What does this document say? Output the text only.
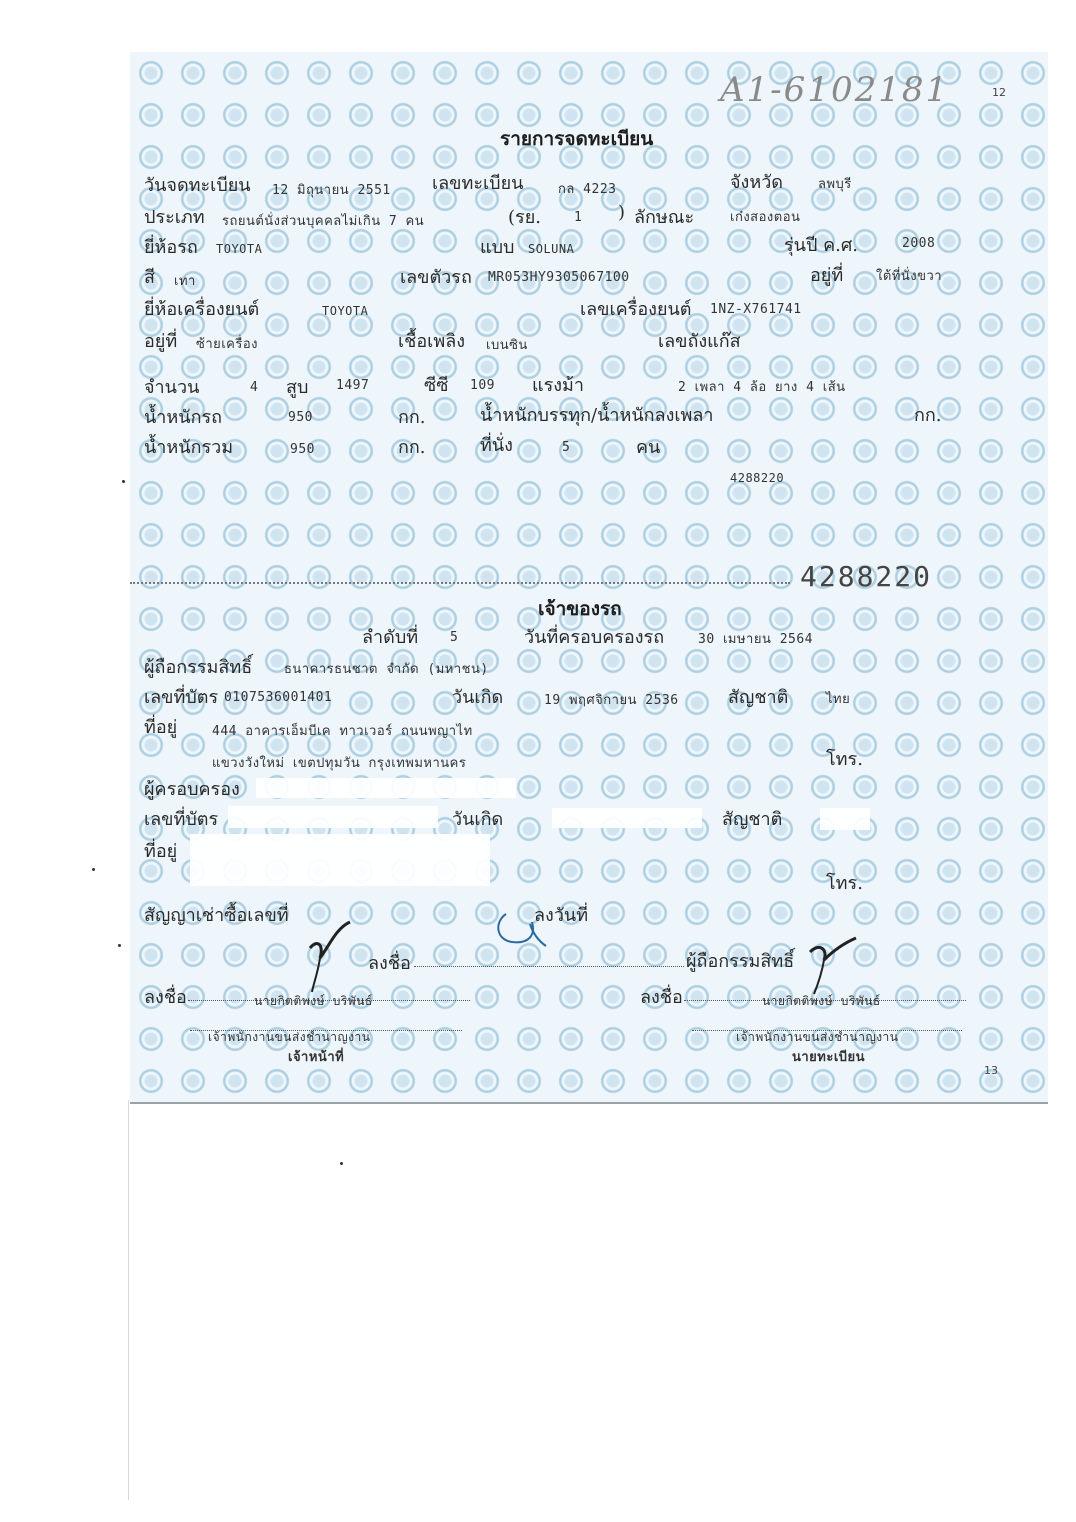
A1-6102181	12
รายการจดทะเบียน
วันจดทะเบียน 12 มิถุนายน 2551 เลขทะเบียน	กล 4223	จังหวัด	ลพบุรี
ประเภท รถยนต์นั่งส่วนบุคคลไม่เกิน 7 คน	(รย.	1 ) ลักษณะ	เก๋งสองตอน
ยี่ห้อรถ TOYOTA	แบบ SOLUNA	รุ่นปี ค.ศ.	2008
สี เทา	เลขตัวรถ MR053HY9305067100	อยู่ที่	ใต้ที่นั่งขวา
ยี่ห้อเครื่องยนต์	TOYOTA	เลขเครื่องยนต์ 1NZ-X761741
อยู่ที่ ซ้ายเครื่อง	เชื้อเพลิง เบนซิน	เลขถังแก๊ส
จำนวน	4 สูบ 1497	ซีซี 109 แรงม้า	2 เพลา 4 ล้อ ยาง 4 เส้น
น้ำหนักรถ	950	กก.	น้ำหนักบรรทุก/น้ำหนักลงเพลา	กก.
น้ำหนักรวม	950	กก.	ที่นั่ง	5	คน
4288220
4288220
เจ้าของรถ
ลำดับที่ 5	วันที่ครอบครองรถ	30 เมษายน 2564
ผู้ถือกรรมสิทธิ์ ธนาคารธนชาต จำกัด (มหาชน)
เลขที่บัตร 0107536001401	วันเกิด	19 พฤศจิกายน 2536	สัญชาติ	ไทย
ที่อยู่	444 อาคารเอ็มบีเค ทาวเวอร์ ถนนพญาไท
แขวงวังใหม่ เขตปทุมวัน กรุงเทพมหานคร	โทร.
ผู้ครอบครอง
เลขที่บัตร	วันเกิด	สัญชาติ
ที่อยู่
โทร.
สัญญาเช่าซื้อเลขที่	ลงวันที่
ลงชื่อ	ผู้ถือกรรมสิทธิ์
ลงชื่อ	นายกิตติพงษ์ บริพันธ์	ลงชื่อ	นายกิตติพงษ์ บริพันธ์
เจ้าพนักงานขนส่งชำนาญงาน	เจ้าพนักงานขนส่งชำนาญงาน
เจ้าหน้าที่	นายทะเบียน
13
